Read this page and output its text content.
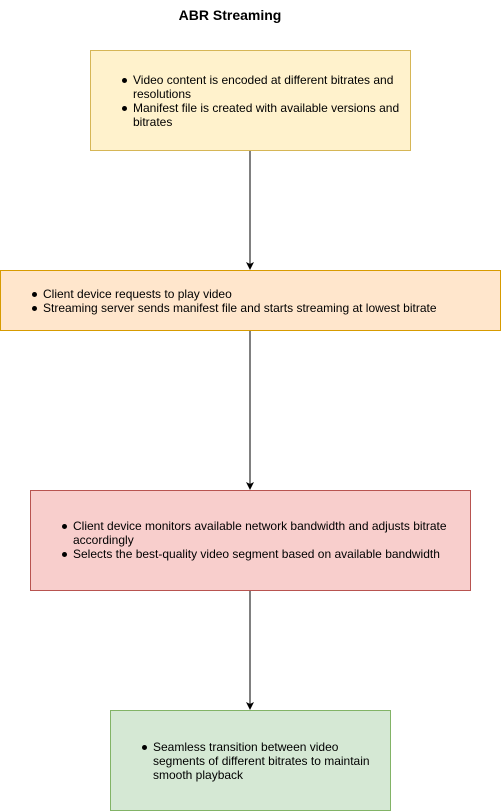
ABR Streaming
Video content is encoded at different bitrates and resolutions
Manifest file is created with available versions and bitrates
Client device requests to play video
Streaming server sends manifest file and starts streaming at lowest bitrate
Client device monitors available network bandwidth and adjusts bitrate accordingly
Selects the best-quality video segment based on available bandwidth
Seamless transition between video segments of different bitrates to maintain smooth playback
